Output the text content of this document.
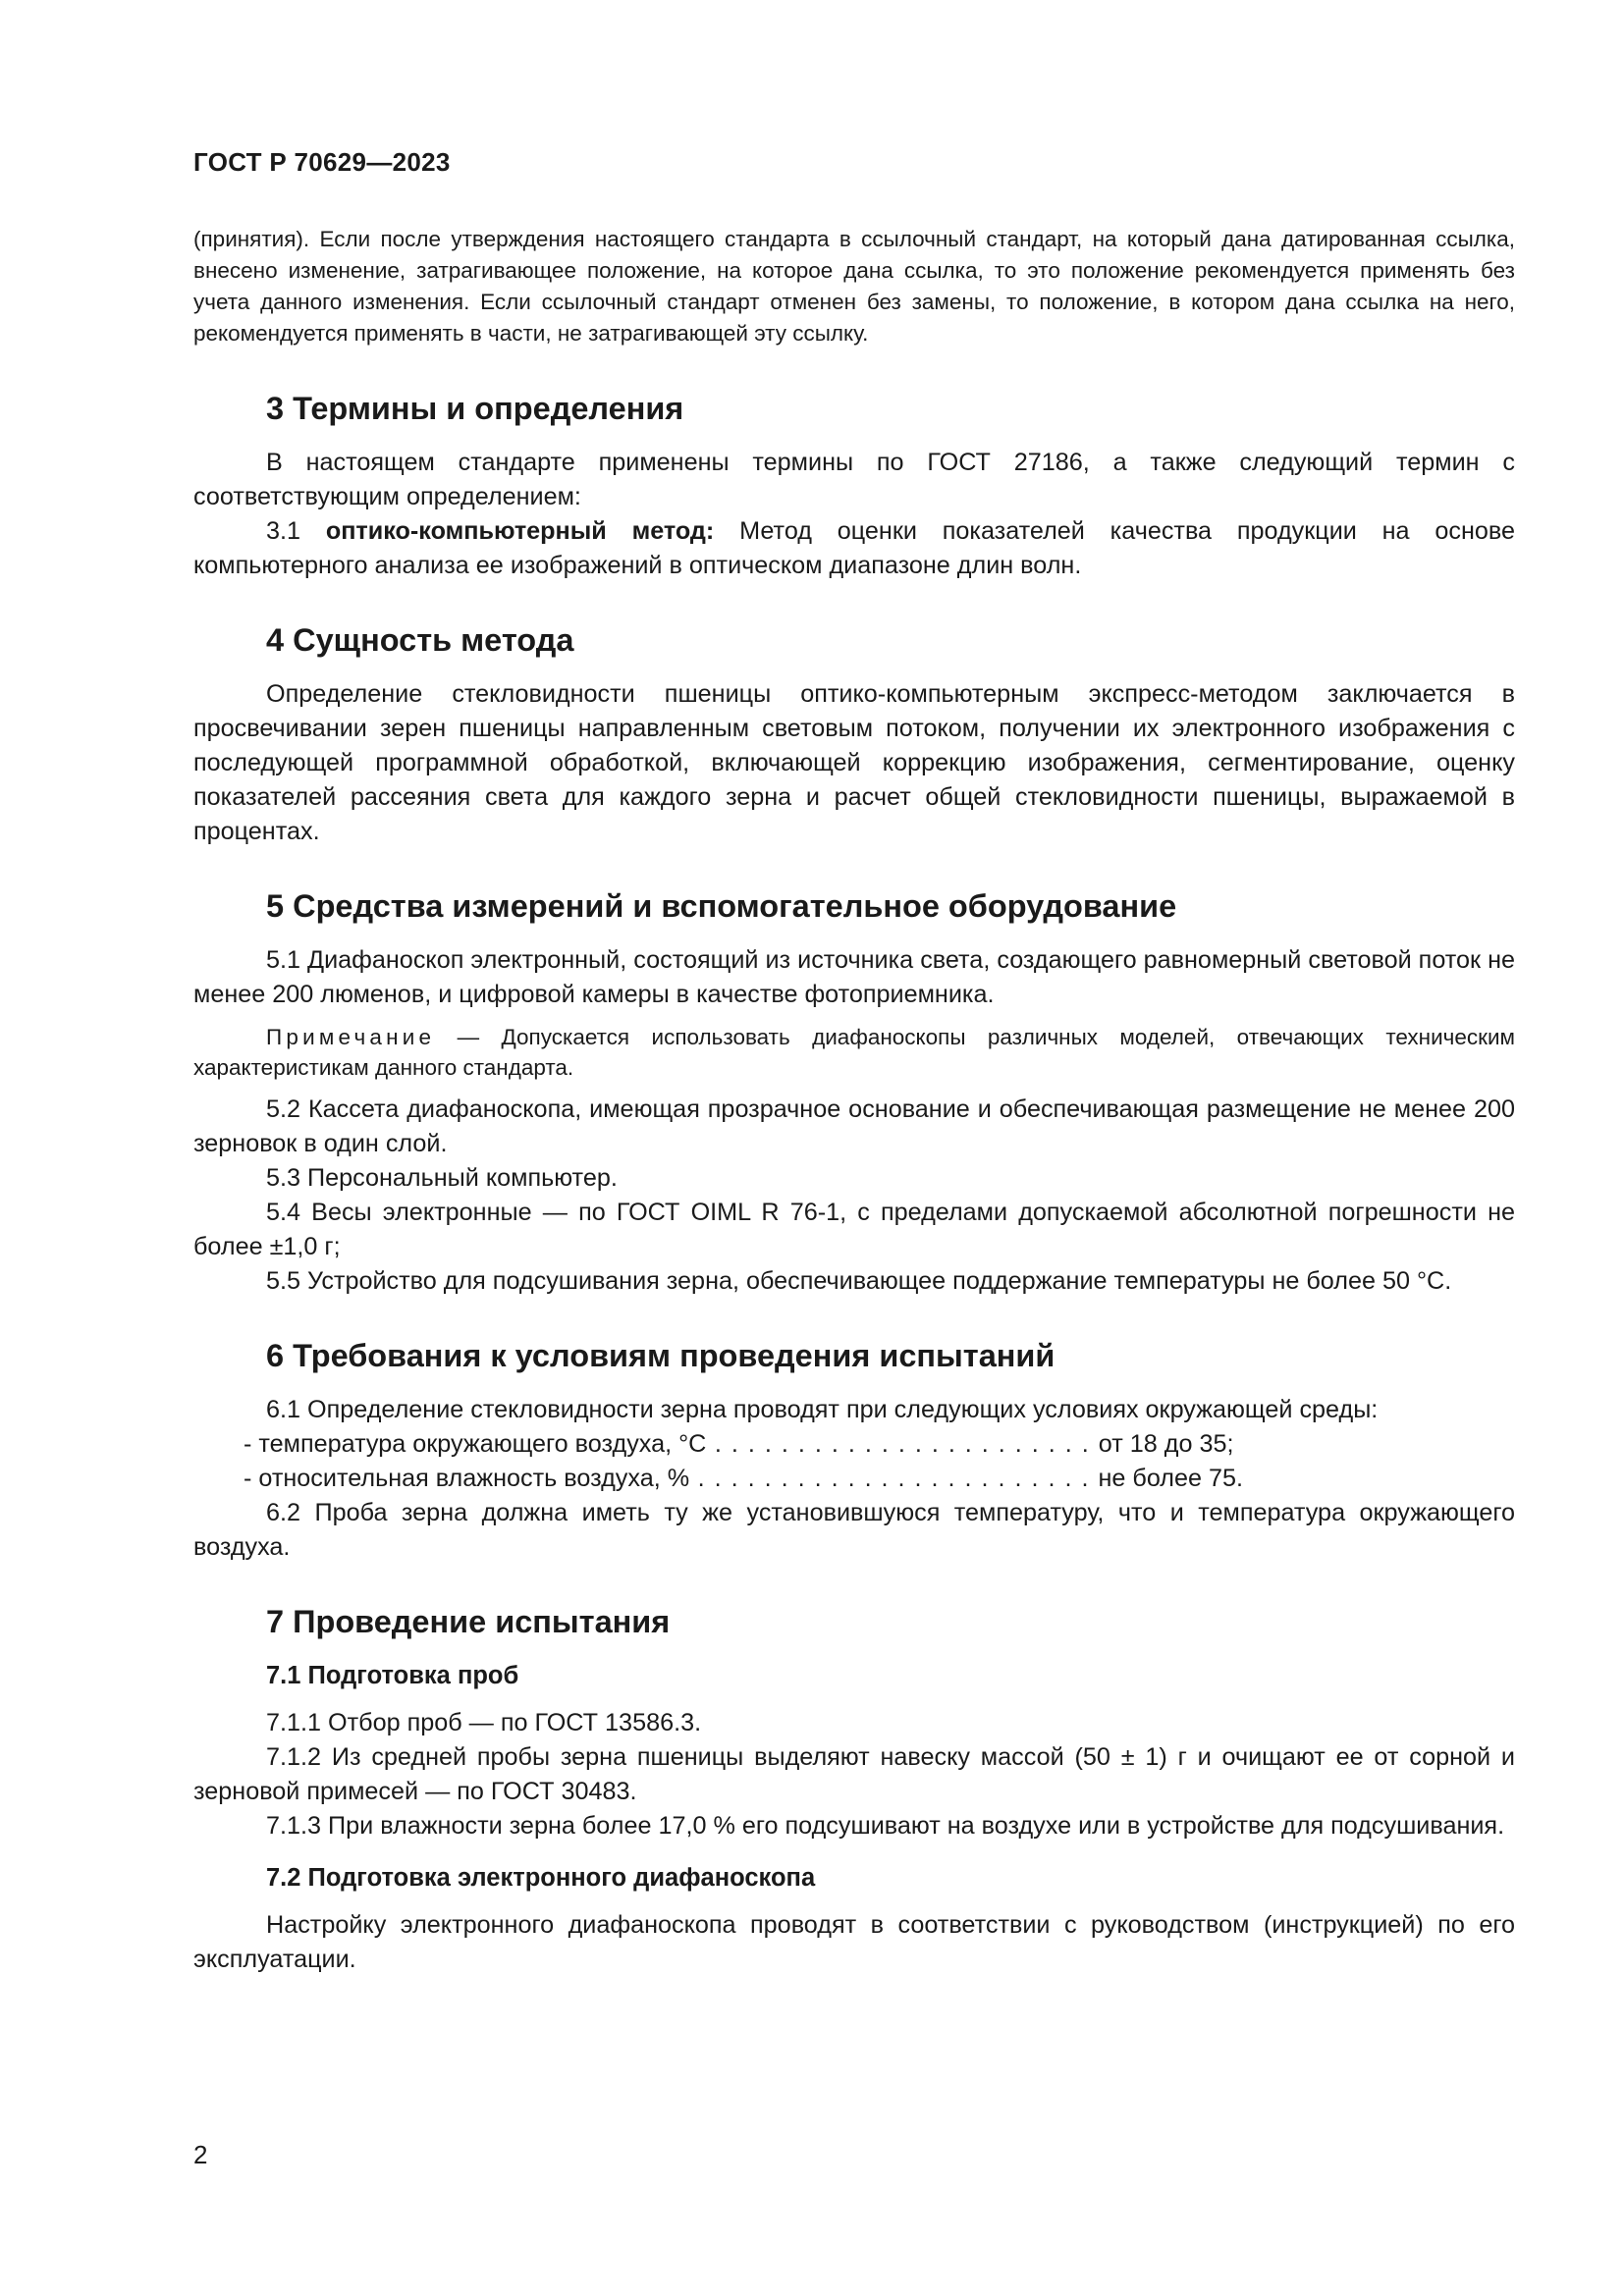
ГОСТ Р 70629—2023

(принятия). Если после утверждения настоящего стандарта в ссылочный стандарт, на который дана датированная ссылка, внесено изменение, затрагивающее положение, на которое дана ссылка, то это положение рекомендуется применять без учета данного изменения. Если ссылочный стандарт отменен без замены, то положение, в котором дана ссылка на него, рекомендуется применять в части, не затрагивающей эту ссылку.

3 Термины и определения

В настоящем стандарте применены термины по ГОСТ 27186, а также следующий термин с соответствующим определением:

3.1 оптико-компьютерный метод: Метод оценки показателей качества продукции на основе компьютерного анализа ее изображений в оптическом диапазоне длин волн.

4 Сущность метода

Определение стекловидности пшеницы оптико-компьютерным экспресс-методом заключается в просвечивании зерен пшеницы направленным световым потоком, получении их электронного изображения с последующей программной обработкой, включающей коррекцию изображения, сегментирование, оценку показателей рассеяния света для каждого зерна и расчет общей стекловидности пшеницы, выражаемой в процентах.

5 Средства измерений и вспомогательное оборудование

5.1 Диафаноскоп электронный, состоящий из источника света, создающего равномерный световой поток не менее 200 люменов, и цифровой камеры в качестве фотоприемника.

Примечание — Допускается использовать диафаноскопы различных моделей, отвечающих техническим характеристикам данного стандарта.

5.2 Кассета диафаноскопа, имеющая прозрачное основание и обеспечивающая размещение не менее 200 зерновок в один слой.

5.3 Персональный компьютер.

5.4 Весы электронные — по ГОСТ OIML R 76-1, с пределами допускаемой абсолютной погрешности не более ±1,0 г;

5.5 Устройство для подсушивания зерна, обеспечивающее поддержание температуры не более 50 °С.

6 Требования к условиям проведения испытаний

6.1 Определение стекловидности зерна проводят при следующих условиях окружающей среды:

- температура окружающего воздуха, °С . . . . . . . . . . . . . . . . . . . . . . . от 18 до 35;
- относительная влажность воздуха, % . . . . . . . . . . . . . . . . . . . . . . . . не более 75.

6.2 Проба зерна должна иметь ту же установившуюся температуру, что и температура окружающего воздуха.

7 Проведение испытания
7.1 Подготовка проб

7.1.1 Отбор проб — по ГОСТ 13586.3.

7.1.2 Из средней пробы зерна пшеницы выделяют навеску массой (50 ± 1) г и очищают ее от сорной и зерновой примесей — по ГОСТ 30483.

7.1.3 При влажности зерна более 17,0 % его подсушивают на воздухе или в устройстве для подсушивания.

7.2 Подготовка электронного диафаноскопа

Настройку электронного диафаноскопа проводят в соответствии с руководством (инструкцией) по его эксплуатации.

2
